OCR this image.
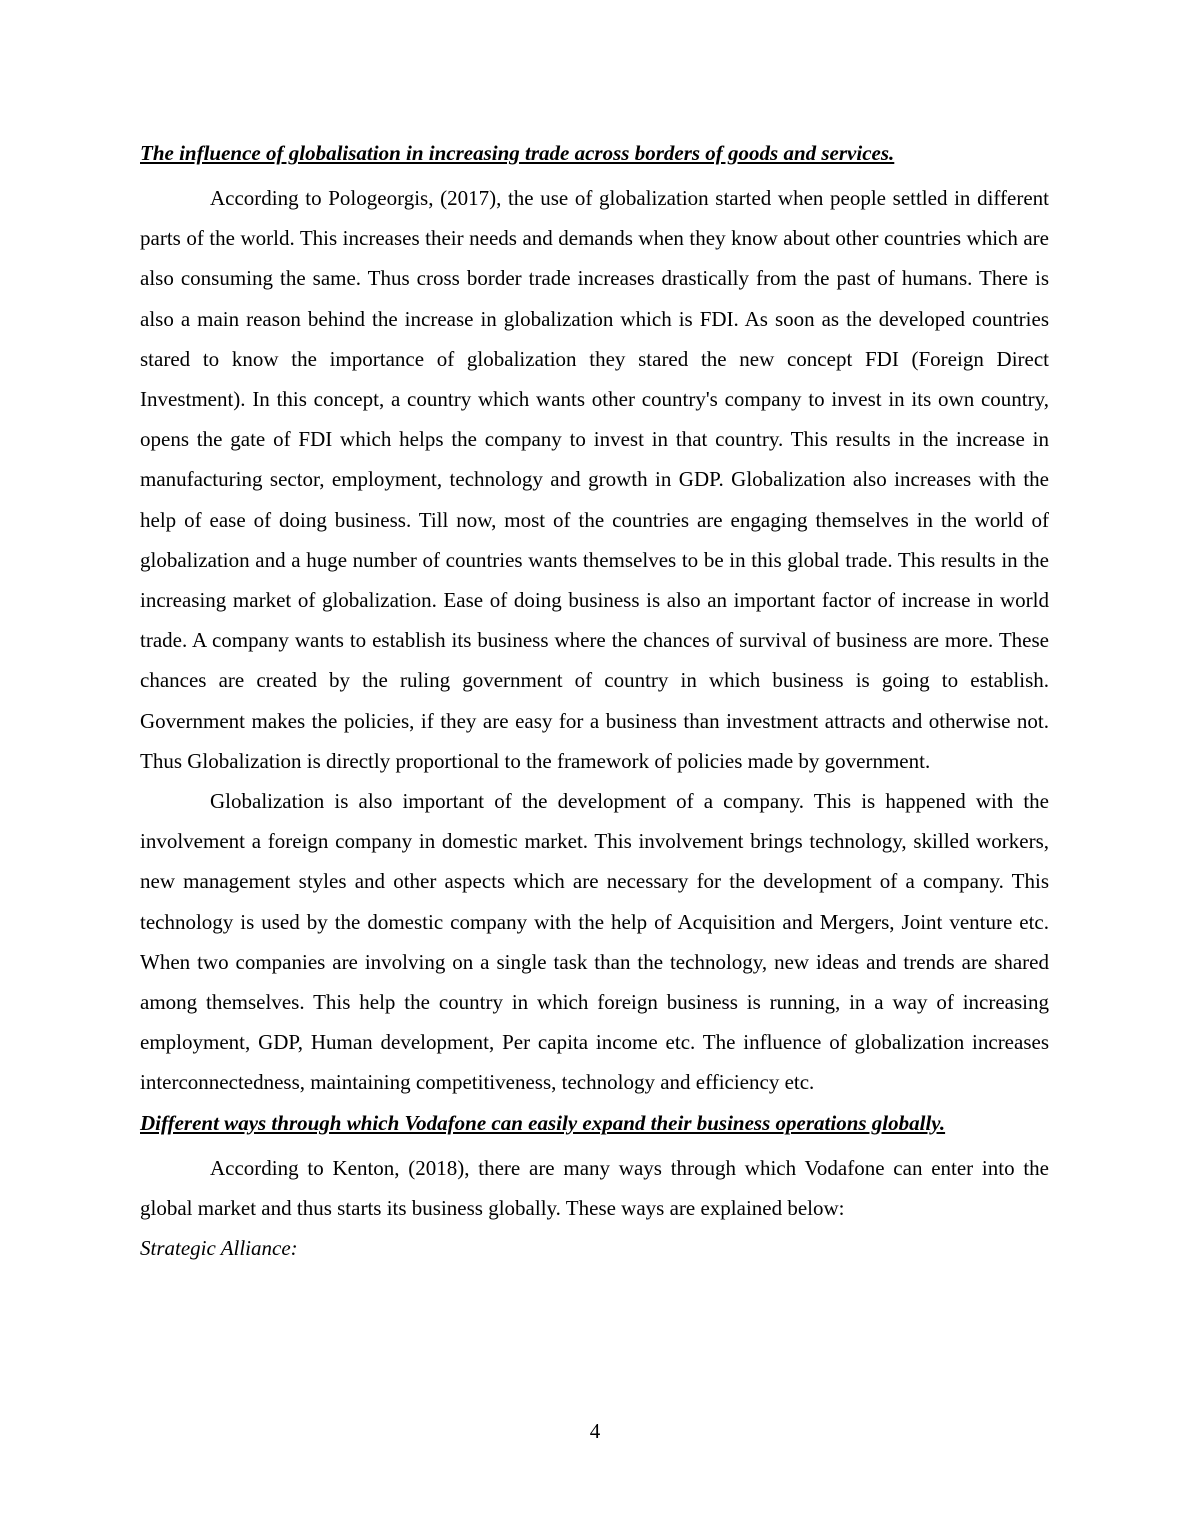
The influence of globalisation in increasing trade across borders of goods and services.

According to Pologeorgis, (2017), the use of globalization started when people settled in different parts of the world. This increases their needs and demands when they know about other countries which are also consuming the same. Thus cross border trade increases drastically from the past of humans. There is also a main reason behind the increase in globalization which is FDI. As soon as the developed countries stared to know the importance of globalization they stared the new concept FDI (Foreign Direct Investment). In this concept, a country which wants other country's company to invest in its own country, opens the gate of FDI which helps the company to invest in that country. This results in the increase in manufacturing sector, employment, technology and growth in GDP. Globalization also increases with the help of ease of doing business. Till now, most of the countries are engaging themselves in the world of globalization and a huge number of countries wants themselves to be in this global trade. This results in the increasing market of globalization. Ease of doing business is also an important factor of increase in world trade. A company wants to establish its business where the chances of survival of business are more. These chances are created by the ruling government of country in which business is going to establish. Government makes the policies, if they are easy for a business than investment attracts and otherwise not. Thus Globalization is directly proportional to the framework of policies made by government.

Globalization is also important of the development of a company. This is happened with the involvement a foreign company in domestic market. This involvement brings technology, skilled workers, new management styles and other aspects which are necessary for the development of a company. This technology is used by the domestic company with the help of Acquisition and Mergers, Joint venture etc. When two companies are involving on a single task than the technology, new ideas and trends are shared among themselves. This help the country in which foreign business is running, in a way of increasing employment, GDP, Human development, Per capita income etc. The influence of globalization increases interconnectedness, maintaining competitiveness, technology and efficiency etc.

Different ways through which Vodafone can easily expand their business operations globally.

According to Kenton, (2018), there are many ways through which Vodafone can enter into the global market and thus starts its business globally. These ways are explained below:

Strategic Alliance:
4
